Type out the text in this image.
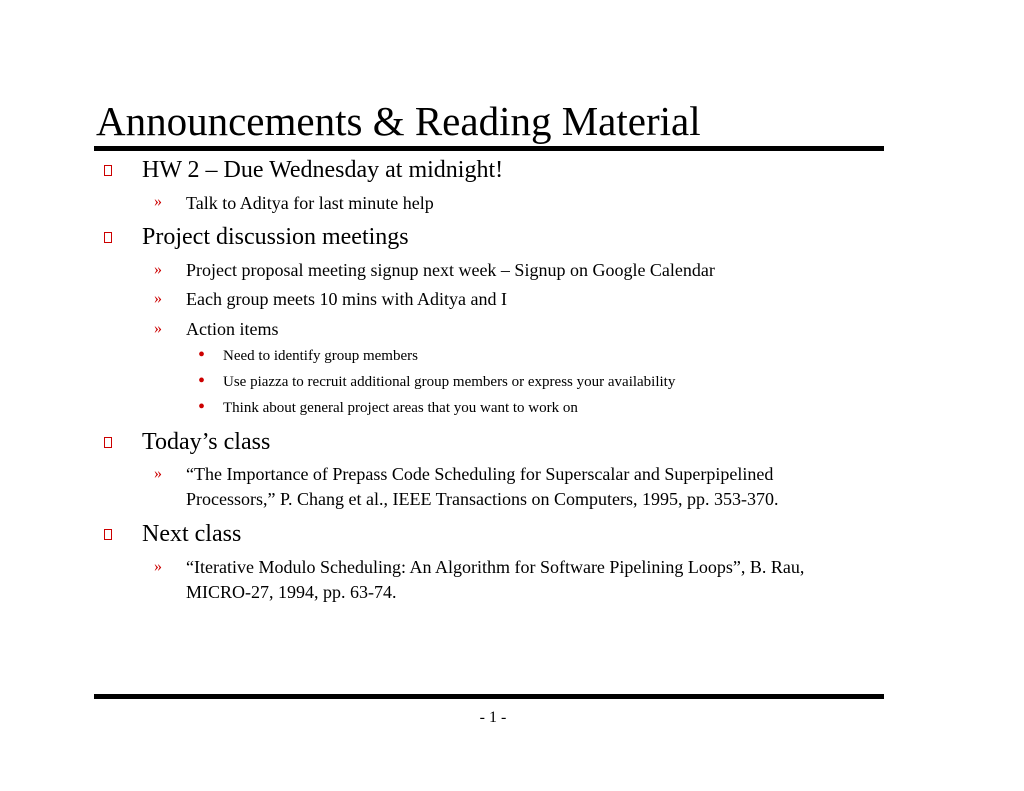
Announcements & Reading Material
HW 2 – Due Wednesday at midnight!
» Talk to Aditya for last minute help
Project discussion meetings
» Project proposal meeting signup next week – Signup on Google Calendar
» Each group meets 10 mins with Aditya and I
» Action items
• Need to identify group members
• Use piazza to recruit additional group members or express your availability
• Think about general project areas that you want to work on
Today’s class
» “The Importance of Prepass Code Scheduling for Superscalar and Superpipelined
Processors,” P. Chang et al., IEEE Transactions on Computers, 1995, pp. 353-370.
Next class
» “Iterative Modulo Scheduling: An Algorithm for Software Pipelining Loops”, B. Rau,
MICRO-27, 1994, pp. 63-74.
- 1 -
